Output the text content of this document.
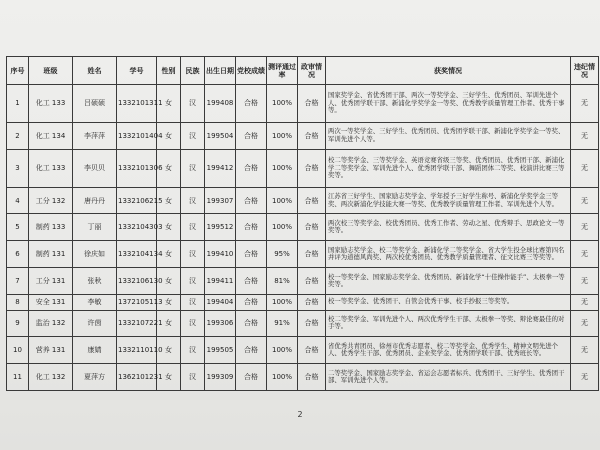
序号	班级	姓名	学号	性别	民族	出生日期	党校成绩	测评通过率	政审情况	获奖情况	违纪情况
1	化工 133	吕硕硕	1332101311	女	汉	199408	合格	100%	合格	国家奖学金、省优秀团干部、两次一等奖学金、三好学生、优秀团员、军训先进个人、优秀团学联干部、新浦化学奖学金一等奖、优秀教学质量管理工作者、优秀干事等。	无
2	化工 134	李萍萍	1332101404	女	汉	199504	合格	100%	合格	两次一等奖学金、三好学生、优秀团员、优秀团学联干部、新浦化学奖学金一等奖、军训先进个人等。	无
3	化工 133	李贝贝	1332101306	女	汉	199412	合格	100%	合格	校二等奖学金、三等奖学金、英语竞赛省级三等奖、优秀团员、优秀团干部、新浦化学二等奖学金、军训先进个人、优秀团学联干部、舞蹈团体二等奖、校演讲比赛三等奖等。	无
4	工分 132	唐丹丹	1332106215	女	汉	199307	合格	100%	合格	江苏省三好学生、国家励志奖学金、学年授予三好学生称号、新浦化学奖学金三等奖、两次新浦化学技能大赛一等奖、优秀教学质量管理工作者、军训先进个人等。	无
5	制药 133	丁丽	1332104303	女	汉	199512	合格	100%	合格	两次校三等奖学金、校优秀团员、优秀工作者、劳动之星、优秀辩手、思政论文一等奖等。	无
6	制药 131	徐庆如	1332104134	女	汉	199410	合格	95%	合格	国家励志奖学金、校二等奖学金、新浦化学二等奖学金、省大学生投全球比赛第四名并评为道德风尚奖、两次校优秀团员、优秀教学质量管理者、征文比赛三等奖等。	无
7	工分 131	张秋	1332106130	女	汉	199411	合格	81%	合格	校一等奖学金、国家励志奖学金、优秀团员、新浦化学“十佳操作能手”、太极拳一等奖等。	无
8	安全 131	李敏	1372105113	女	汉	199404	合格	100%	合格	校一等奖学金、优秀团干、自管会优秀干事、校手抄报三等奖等。	无
9	监治 132	许茵	1332107221	女	汉	199306	合格	91%	合格	校二等奖学金、军训先进个人、两次优秀学生干部、太极拳一等奖、辩论赛最佳的对手等。	无
10	营养 131	康婧	1332110110	女	汉	199505	合格	100%	合格	省优秀共青团员、徐州市优秀志愿者、校二等奖学金、优秀学生、精神文明先进个人、优秀学生干部、优秀团员、企业奖学金、优秀团学联干部、优秀班长等。	无
11	化工 132	夏萍方	1362101231	女	汉	199309	合格	100%	合格	二等奖学金、国家励志奖学金、省运会志愿者标兵、优秀团干、三好学生、优秀团干部、军训先进个人等。	无
2
